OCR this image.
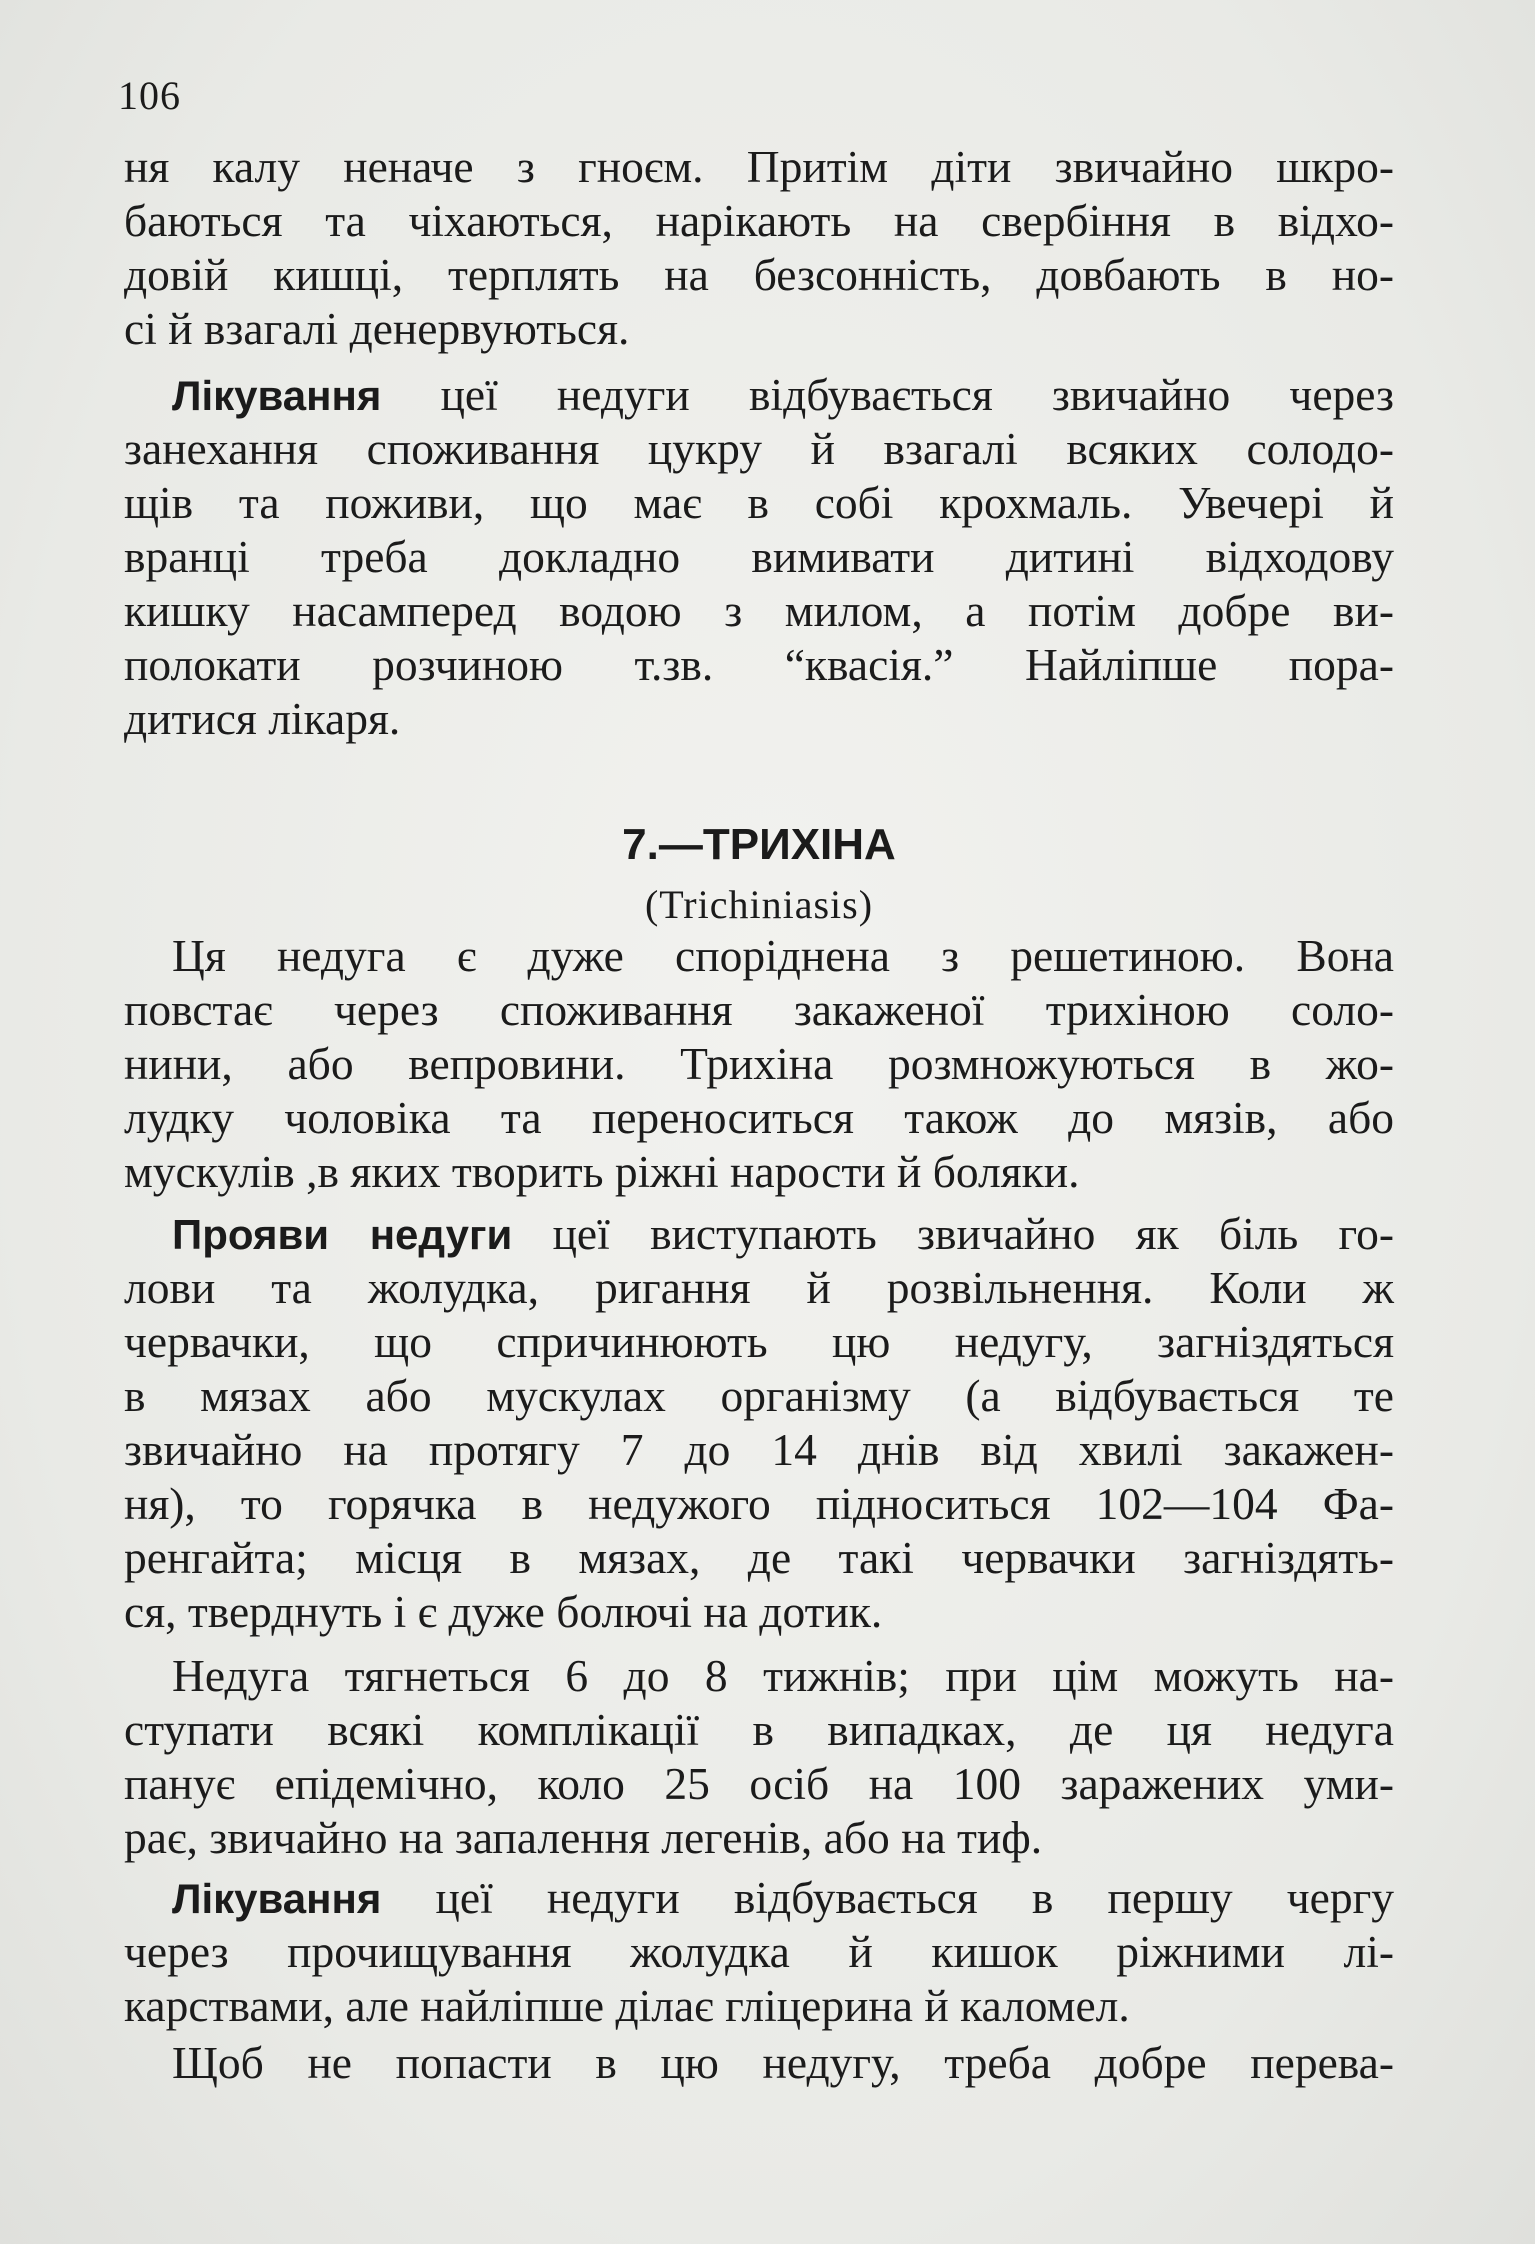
106
ня калу неначе з гноєм. Притім діти звичайно шкро-
баються та чіхаються, нарікають на свербіння в відхо-
довій кишці, терплять на безсонність, довбають в но-
сі й взагалі денервуються.
Лікування цеї недуги відбувається звичайно через
занехання споживання цукру й взагалі всяких солодо-
щів та поживи, що має в собі крохмаль. Увечері й
вранці треба докладно вимивати дитині відходову
кишку насамперед водою з милом, а потім добре ви-
полокати розчиною т.зв. “квасія.” Найліпше пора-
дитися лікаря.
7.—ТРИХІНА
(Trichiniasis)
Ця недуга є дуже споріднена з решетиною. Вона
повстає через споживання закаженої трихіною соло-
нини, або вепровини. Трихіна розмножуються в жо-
лудку чоловіка та переноситься також до мязів, або
мускулів ,в яких творить ріжні нарости й боляки.
Прояви недуги цеї виступають звичайно як біль го-
лови та жолудка, ригання й розвільнення. Коли ж
червачки, що спричинюють цю недугу, загніздяться
в мязах або мускулах оргaнізму (а відбувається те
звичайно на протягу 7 до 14 днів від хвилі закажен-
ня), то горячка в недужого підноситься 102—104 Фа-
ренгайта; місця в мязах, де такі червачки загніздять-
ся, тверднуть і є дуже болючі на дотик.
Недуга тягнеться 6 до 8 тижнів; при цім можуть на-
ступати всякі комплікації в випадках, де ця недуга
панує епідемічно, коло 25 осіб на 100 заражених уми-
рає, звичайно на запалення легенів, або на тиф.
Лікування цеї недуги відбувається в першу чергу
через прочищування жолудка й кишок ріжними лі-
карствами, але найліпше ділає гліцерина й каломел.
Щоб не попасти в цю недугу, треба добре перева-
